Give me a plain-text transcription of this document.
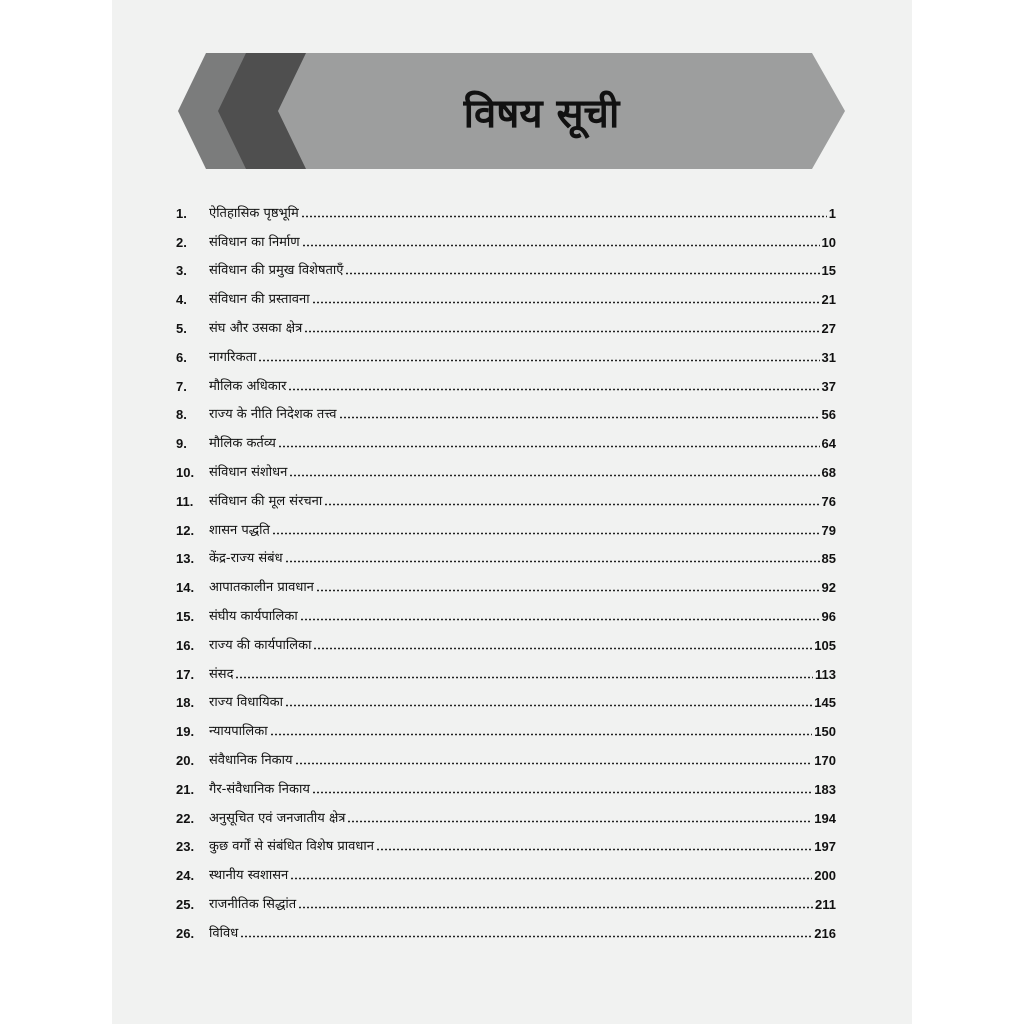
विषय सूची
1.	ऐतिहासिक पृष्ठभूमि	1
2.	संविधान का निर्माण	10
3.	संविधान की प्रमुख विशेषताएँ	15
4.	संविधान की प्रस्तावना	21
5.	संघ और उसका क्षेत्र	27
6.	नागरिकता	31
7.	मौलिक अधिकार	37
8.	राज्य के नीति निदेशक तत्त्व	56
9.	मौलिक कर्तव्य	64
10.	संविधान संशोधन	68
11.	संविधान की मूल संरचना	76
12.	शासन पद्धति	79
13.	केंद्र-राज्य संबंध	85
14.	आपातकालीन प्रावधान	92
15.	संघीय कार्यपालिका	96
16.	राज्य की कार्यपालिका	105
17.	संसद	113
18.	राज्य विधायिका	145
19.	न्यायपालिका	150
20.	संवैधानिक निकाय	170
21.	गैर-संवैधानिक निकाय	183
22.	अनुसूचित एवं जनजातीय क्षेत्र	194
23.	कुछ वर्गों से संबंधित विशेष प्रावधान	197
24.	स्थानीय स्वशासन	200
25.	राजनीतिक सिद्धांत	211
26.	विविध	216
